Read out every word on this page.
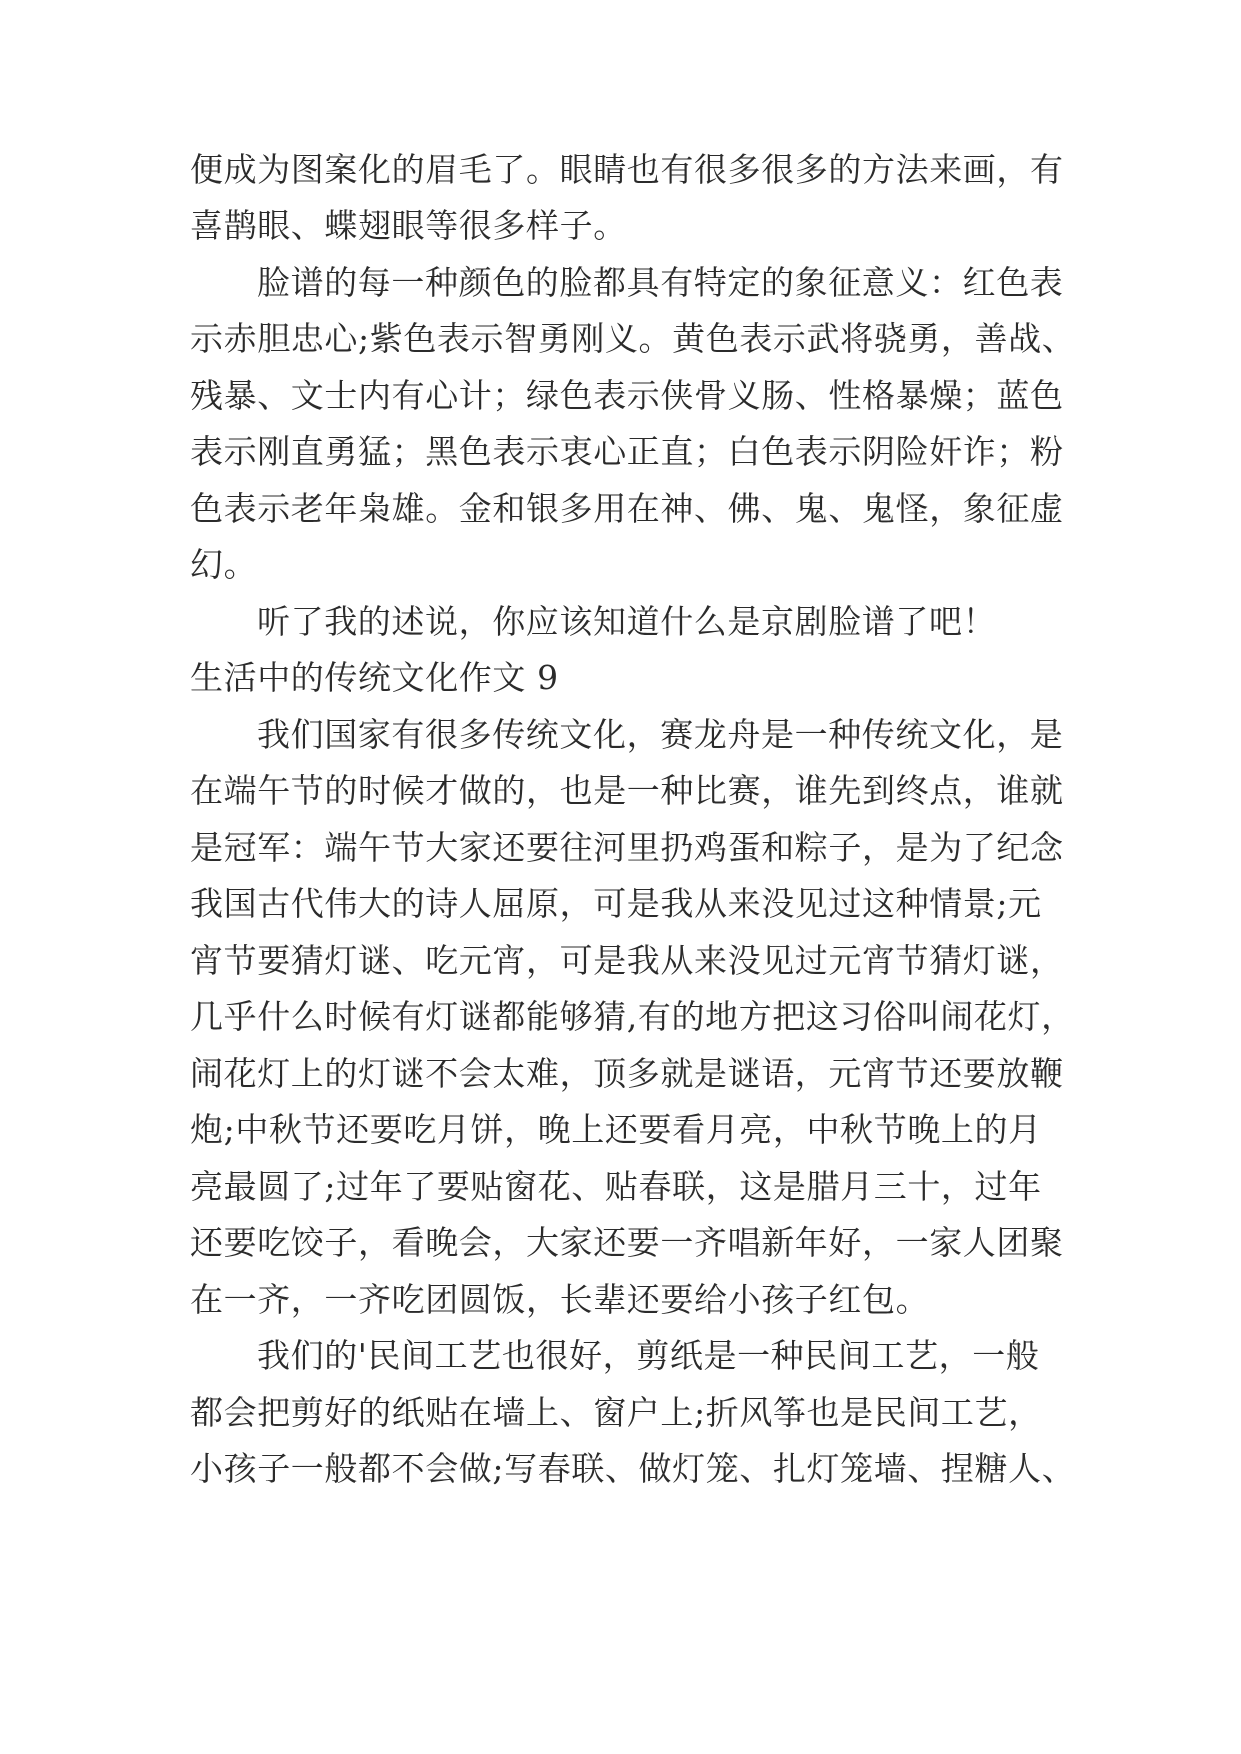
便成为图案化的眉毛了。眼睛也有很多很多的方法来画，有
喜鹊眼、蝶翅眼等很多样子。
脸谱的每一种颜色的脸都具有特定的象征意义：红色表
示赤胆忠心;紫色表示智勇刚义。黄色表示武将骁勇，善战、
残暴、文士内有心计；绿色表示侠骨义肠、性格暴燥；蓝色
表示刚直勇猛；黑色表示衷心正直；白色表示阴险奸诈；粉
色表示老年枭雄。金和银多用在神、佛、鬼、鬼怪，象征虚
幻。
听了我的述说，你应该知道什么是京剧脸谱了吧！
生活中的传统文化作文 9
我们国家有很多传统文化，赛龙舟是一种传统文化，是
在端午节的时候才做的，也是一种比赛，谁先到终点，谁就
是冠军：端午节大家还要往河里扔鸡蛋和粽子，是为了纪念
我国古代伟大的诗人屈原，可是我从来没见过这种情景;元
宵节要猜灯谜、吃元宵，可是我从来没见过元宵节猜灯谜，
几乎什么时候有灯谜都能够猜,有的地方把这习俗叫闹花灯，
闹花灯上的灯谜不会太难，顶多就是谜语，元宵节还要放鞭
炮;中秋节还要吃月饼，晚上还要看月亮，中秋节晚上的月
亮最圆了;过年了要贴窗花、贴春联，这是腊月三十，过年
还要吃饺子，看晚会，大家还要一齐唱新年好，一家人团聚
在一齐，一齐吃团圆饭，长辈还要给小孩子红包。
我们的'民间工艺也很好，剪纸是一种民间工艺，一般
都会把剪好的纸贴在墙上、窗户上;折风筝也是民间工艺，
小孩子一般都不会做;写春联、做灯笼、扎灯笼墙、捏糖人、
